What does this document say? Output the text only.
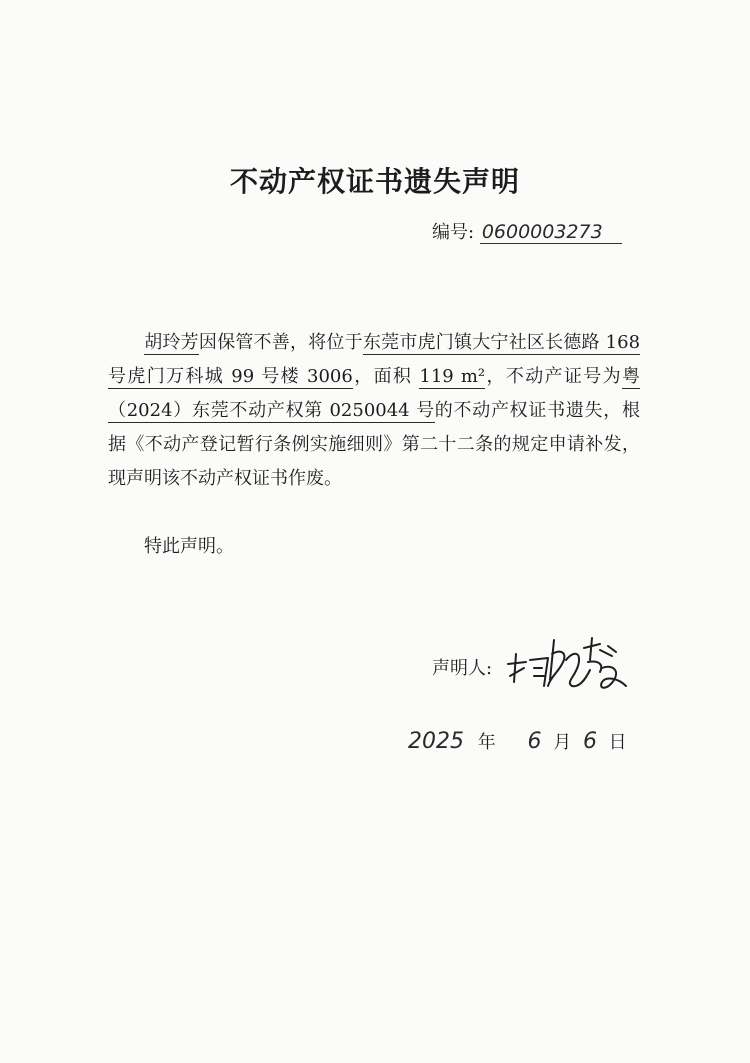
不动产权证书遗失声明
编号: 0600003273

胡玲芳因保管不善，将位于东莞市虎门镇大宁社区长德路 168 号虎门万科城 99 号楼 3006，面积 119 m²，不动产证号为粤（2024）东莞不动产权第 0250044 号的不动产权证书遗失，根据《不动产登记暂行条例实施细则》第二十二条的规定申请补发，现声明该不动产权证书作废。

特此声明。

声明人:
2025 年 6 月 6 日
